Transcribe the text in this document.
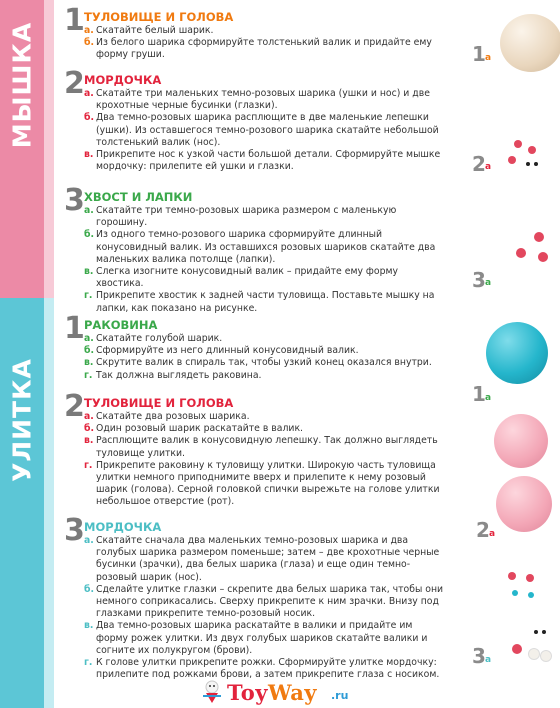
МЫШКА
УЛИТКА
1 ТУЛОВИЩЕ И ГОЛОВА
а. Скатайте белый шарик.
б. Из белого шарика сформируйте толстенький валик и придайте ему форму груши.
2 МОРДОЧКА
а. Скатайте три маленьких темно-розовых шарика (ушки и нос) и две крохотные черные бусинки (глазки).
б. Два темно-розовых шарика расплющите в две маленькие лепешки (ушки). Из оставшегося темно-розового шарика скатайте небольшой толстенький валик (нос).
в. Прикрепите нос к узкой части большой детали. Сформируйте мышке мордочку: прилепите ей ушки и глазки.
3 ХВОСТ И ЛАПКИ
а. Скатайте три темно-розовых шарика размером с маленькую горошину.
б. Из одного темно-розового шарика сформируйте длинный конусовидный валик. Из оставшихся розовых шариков скатайте два маленьких валика потолще (лапки).
в. Слегка изогните конусовидный валик – придайте ему форму хвостика.
г. Прикрепите хвостик к задней части туловища. Поставьте мышку на лапки, как показано на рисунке.
1 РАКОВИНА
а. Скатайте голубой шарик.
б. Сформируйте из него длинный конусовидный валик.
в. Скрутите валик в спираль так, чтобы узкий конец оказался внутри.
г. Так должна выглядеть раковина.
2 ТУЛОВИЩЕ И ГОЛОВА
а. Скатайте два розовых шарика.
б. Один розовый шарик раскатайте в валик.
в. Расплющите валик в конусовидную лепешку. Так должно выглядеть туловище улитки.
г. Прикрепите раковину к туловищу улитки. Широкую часть туловища улитки немного приподнимите вверх и прилепите к нему розовый шарик (голова). Серной головкой спички вырежьте на голове улитки небольшое отверстие (рот).
3 МОРДОЧКА
а. Скатайте сначала два маленьких темно-розовых шарика и два голубых шарика размером поменьше; затем – две крохотные черные бусинки (зрачки), два белых шарика (глаза) и еще один темно-розовый шарик (нос).
б. Сделайте улитке глазки – скрепите два белых шарика так, чтобы они немного соприкасались. Сверху прикрепите к ним зрачки. Внизу под глазками прикрепите темно-розовый носик.
в. Два темно-розовых шарика раскатайте в валики и придайте им форму рожек улитки. Из двух голубых шариков скатайте валики и согните их полукругом (брови).
г. К голове улитки прикрепите рожки. Сформируйте улитке мордочку: прилепите под рожками брови, а затем прикрепите глаза с носиком.
1 а
2 а
3 а
1 а
2 а
3 а
ToyWay .ru
